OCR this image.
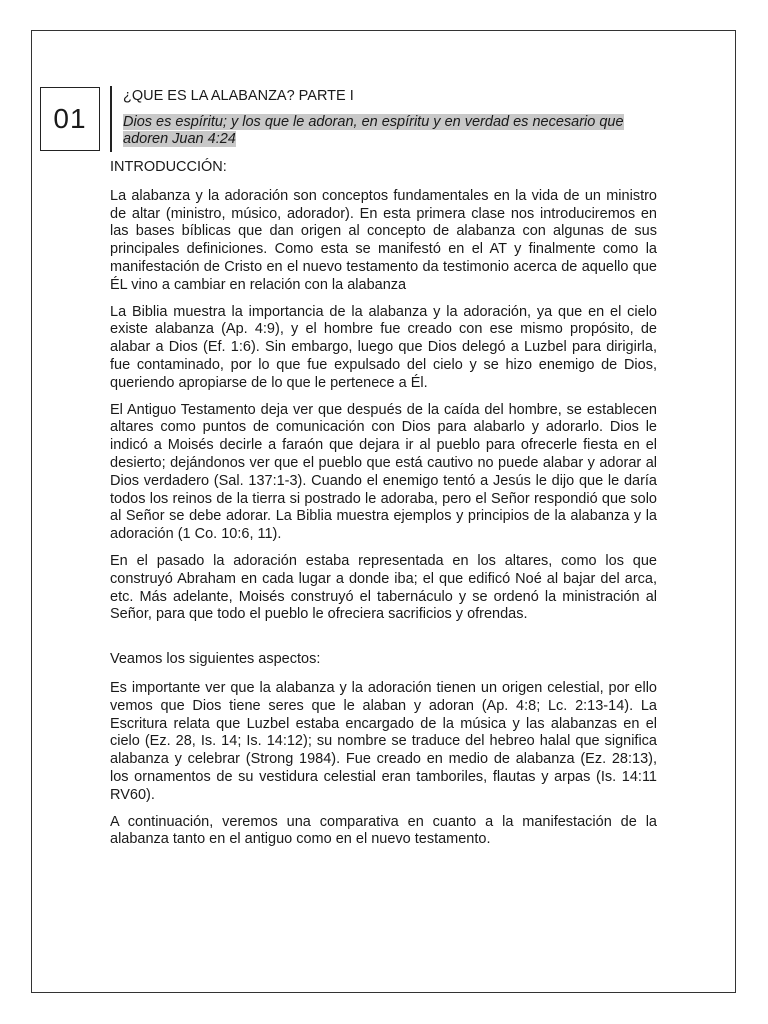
01
¿QUE ES LA ALABANZA? PARTE I
Dios es espíritu; y los que le adoran, en espíritu y en verdad es necesario que adoren Juan 4:24

INTRODUCCIÓN:

La alabanza y la adoración son conceptos fundamentales en la vida de un ministro de altar (ministro, músico, adorador). En esta primera clase nos introduciremos en las bases bíblicas que dan origen al concepto de alabanza con algunas de sus principales definiciones. Como esta se manifestó en el AT y finalmente como la manifestación de Cristo en el nuevo testamento da testimonio acerca de aquello que ÉL vino a cambiar en relación con la alabanza

La Biblia muestra la importancia de la alabanza y la adoración, ya que en el cielo existe alabanza (Ap. 4:9), y el hombre fue creado con ese mismo propósito, de alabar a Dios (Ef. 1:6). Sin embargo, luego que Dios delegó a Luzbel para dirigirla, fue contaminado, por lo que fue expulsado del cielo y se hizo enemigo de Dios, queriendo apropiarse de lo que le pertenece a Él.

El Antiguo Testamento deja ver que después de la caída del hombre, se establecen altares como puntos de comunicación con Dios para alabarlo y adorarlo. Dios le indicó a Moisés decirle a faraón que dejara ir al pueblo para ofrecerle fiesta en el desierto; dejándonos ver que el pueblo que está cautivo no puede alabar y adorar al Dios verdadero (Sal. 137:1-3). Cuando el enemigo tentó a Jesús le dijo que le daría todos los reinos de la tierra si postrado le adoraba, pero el Señor respondió que solo al Señor se debe adorar. La Biblia muestra ejemplos y principios de la alabanza y la adoración (1 Co. 10:6, 11).

En el pasado la adoración estaba representada en los altares, como los que construyó Abraham en cada lugar a donde iba; el que edificó Noé al bajar del arca, etc. Más adelante, Moisés construyó el tabernáculo y se ordenó la ministración al Señor, para que todo el pueblo le ofreciera sacrificios y ofrendas.

Veamos los siguientes aspectos:

Es importante ver que la alabanza y la adoración tienen un origen celestial, por ello vemos que Dios tiene seres que le alaban y adoran (Ap. 4:8; Lc. 2:13-14). La Escritura relata que Luzbel estaba encargado de la música y las alabanzas en el cielo (Ez. 28, Is. 14; Is. 14:12); su nombre se traduce del hebreo halal que significa alabanza y celebrar (Strong 1984). Fue creado en medio de alabanza (Ez. 28:13), los ornamentos de su vestidura celestial eran tamboriles, flautas y arpas (Is. 14:11 RV60).

A continuación, veremos una comparativa en cuanto a la manifestación de la alabanza tanto en el antiguo como en el nuevo testamento.
